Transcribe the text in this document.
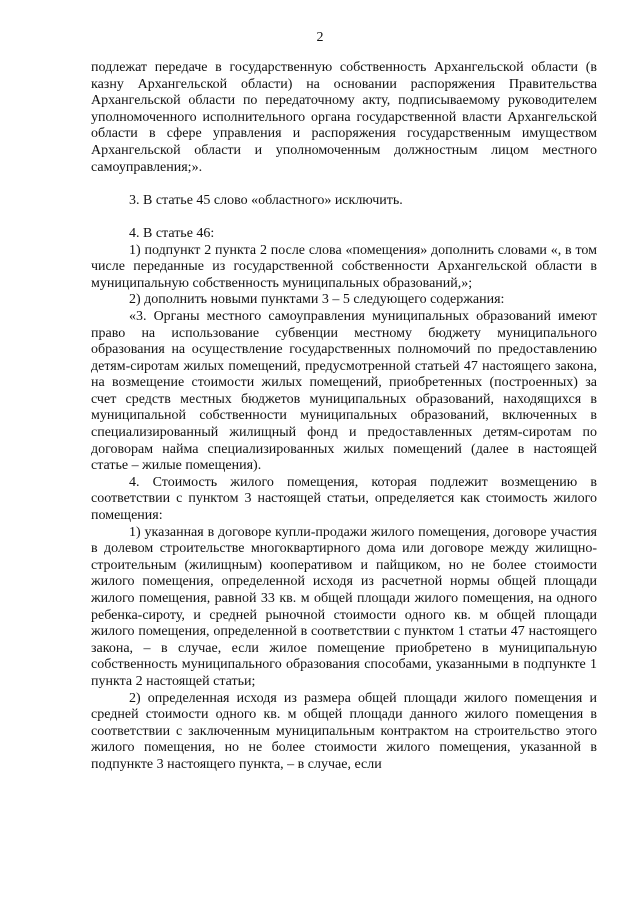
2

подлежат передаче в государственную собственность Архангельской области (в казну Архангельской области) на основании распоряжения Правительства Архангельской области по передаточному акту, подписываемому руководителем уполномоченного исполнительного органа государственной власти Архангельской области в сфере управления и распоряжения государственным имуществом Архангельской области и уполномоченным должностным лицом местного самоуправления;».

3. В статье 45 слово «областного» исключить.

4. В статье 46:

1) подпункт 2 пункта 2 после слова «помещения» дополнить словами «, в том числе переданные из государственной собственности Архангельской области в муниципальную собственность муниципальных образований,»;

2) дополнить новыми пунктами 3 – 5 следующего содержания:

«3. Органы местного самоуправления муниципальных образований имеют право на использование субвенции местному бюджету муниципального образования на осуществление государственных полномочий по предоставлению детям-сиротам жилых помещений, предусмотренной статьей 47 настоящего закона, на возмещение стоимости жилых помещений, приобретенных (построенных) за счет средств местных бюджетов муниципальных образований, находящихся в муниципальной собственности муниципальных образований, включенных в специализированный жилищный фонд и предоставленных детям-сиротам по договорам найма специализированных жилых помещений (далее в настоящей статье – жилые помещения).

4. Стоимость жилого помещения, которая подлежит возмещению в соответствии с пунктом 3 настоящей статьи, определяется как стоимость жилого помещения:

1) указанная в договоре купли-продажи жилого помещения, договоре участия в долевом строительстве многоквартирного дома или договоре между жилищно-строительным (жилищным) кооперативом и пайщиком, но не более стоимости жилого помещения, определенной исходя из расчетной нормы общей площади жилого помещения, равной 33 кв. м общей площади жилого помещения, на одного ребенка-сироту, и средней рыночной стоимости одного кв. м общей площади жилого помещения, определенной в соответствии с пунктом 1 статьи 47 настоящего закона, – в случае, если жилое помещение приобретено в муниципальную собственность муниципального образования способами, указанными в подпункте 1 пункта 2 настоящей статьи;

2) определенная исходя из размера общей площади жилого помещения и средней стоимости одного кв. м общей площади данного жилого помещения в соответствии с заключенным муниципальным контрактом на строительство этого жилого помещения, но не более стоимости жилого помещения, указанной в подпункте 3 настоящего пункта, – в случае, если
